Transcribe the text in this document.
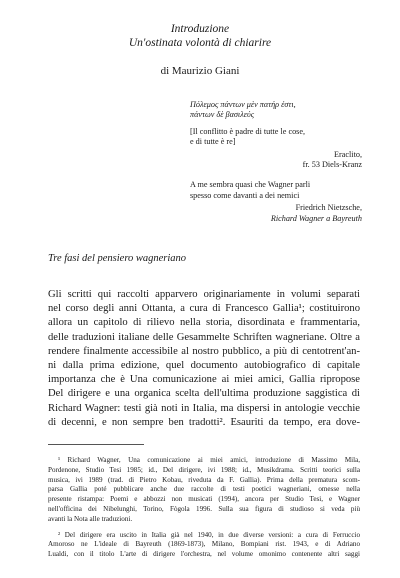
Introduzione
Un'ostinata volontà di chiarire
di Maurizio Giani
Πόλεμος πάντων μὲν πατήρ ἐστι,
πάντων δὲ βασιλεύς
[Il conflitto è padre di tutte le cose,
e di tutte è re]
Eraclito,
fr. 53 Diels-Kranz
A me sembra quasi che Wagner parli
spesso come davanti a dei nemici
Friedrich Nietzsche,
Richard Wagner a Bayreuth
Tre fasi del pensiero wagneriano
Gli scritti qui raccolti apparvero originariamente in volumi separati
nel corso degli anni Ottanta, a cura di Francesco Gallia¹; costituirono
allora un capitolo di rilievo nella storia, disordinata e frammentaria,
delle traduzioni italiane delle Gesammelte Schriften wagneriane. Oltre a
rendere finalmente accessibile al nostro pubblico, a più di centotrent'an-
ni dalla prima edizione, quel documento autobiografico di capitale
importanza che è Una comunicazione ai miei amici, Gallia ripropose
Del dirigere e una organica scelta dell'ultima produzione saggistica di
Richard Wagner: testi già noti in Italia, ma dispersi in antologie vecchie
di decenni, e non sempre ben tradotti². Esauriti da tempo, era dove-
¹ Richard Wagner, Una comunicazione ai miei amici, introduzione di Massimo Mila,
Pordenone, Studio Tesi 1985; id., Del dirigere, ivi 1988; id., Musikdrama. Scritti teorici sulla
musica, ivi 1989 (trad. di Pietro Kobau, riveduta da F. Gallia). Prima della prematura scom-
parsa Gallia poté pubblicare anche due raccolte di testi poetici wagneriani, omesse nella
presente ristampa: Poemi e abbozzi non musicati (1994), ancora per Studio Tesi, e Wagner
nell'officina dei Nibelunghi, Torino, Fògola 1996. Sulla sua figura di studioso si veda più
avanti la Nota alle traduzioni.
² Del dirigere era uscito in Italia già nel 1940, in due diverse versioni: a cura di Ferruccio
Amoroso ne L'ideale di Bayreuth (1869-1873), Milano, Bompiani rist. 1943, e di Adriano
Lualdi, con il titolo L'arte di dirigere l'orchestra, nel volume omonimo contenente altri saggi
